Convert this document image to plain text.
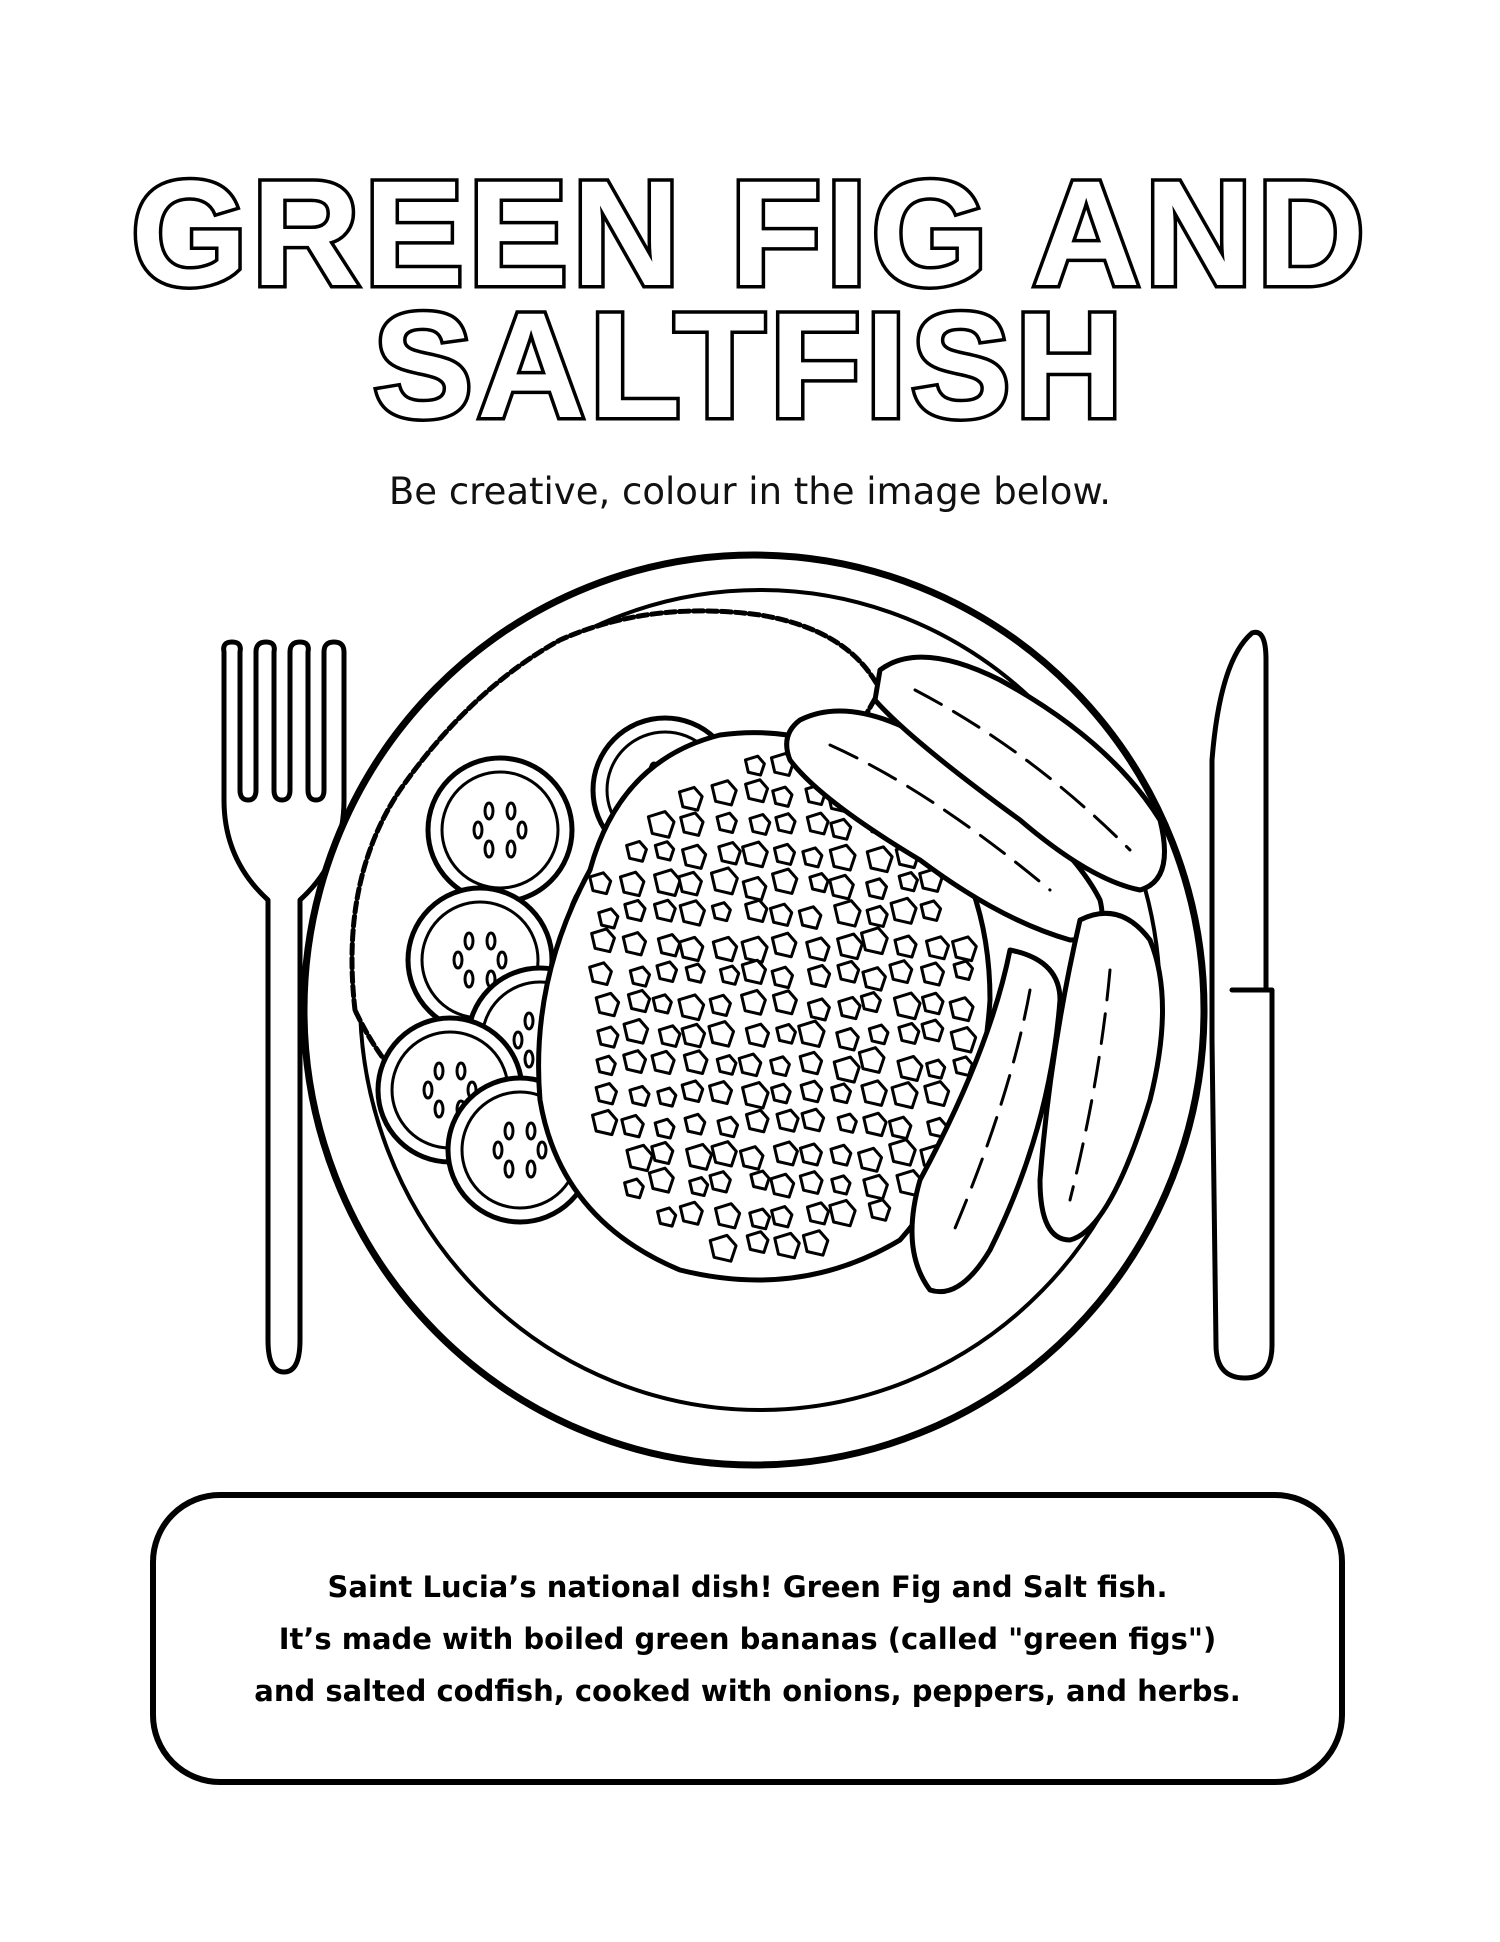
GREEN FIG AND
SALTFISH
Be creative, colour in the image below.

Saint Lucia’s national dish! Green Fig and Salt fish.

It’s made with boiled green bananas (called "green figs")

and salted codfish, cooked with onions, peppers, and herbs.
